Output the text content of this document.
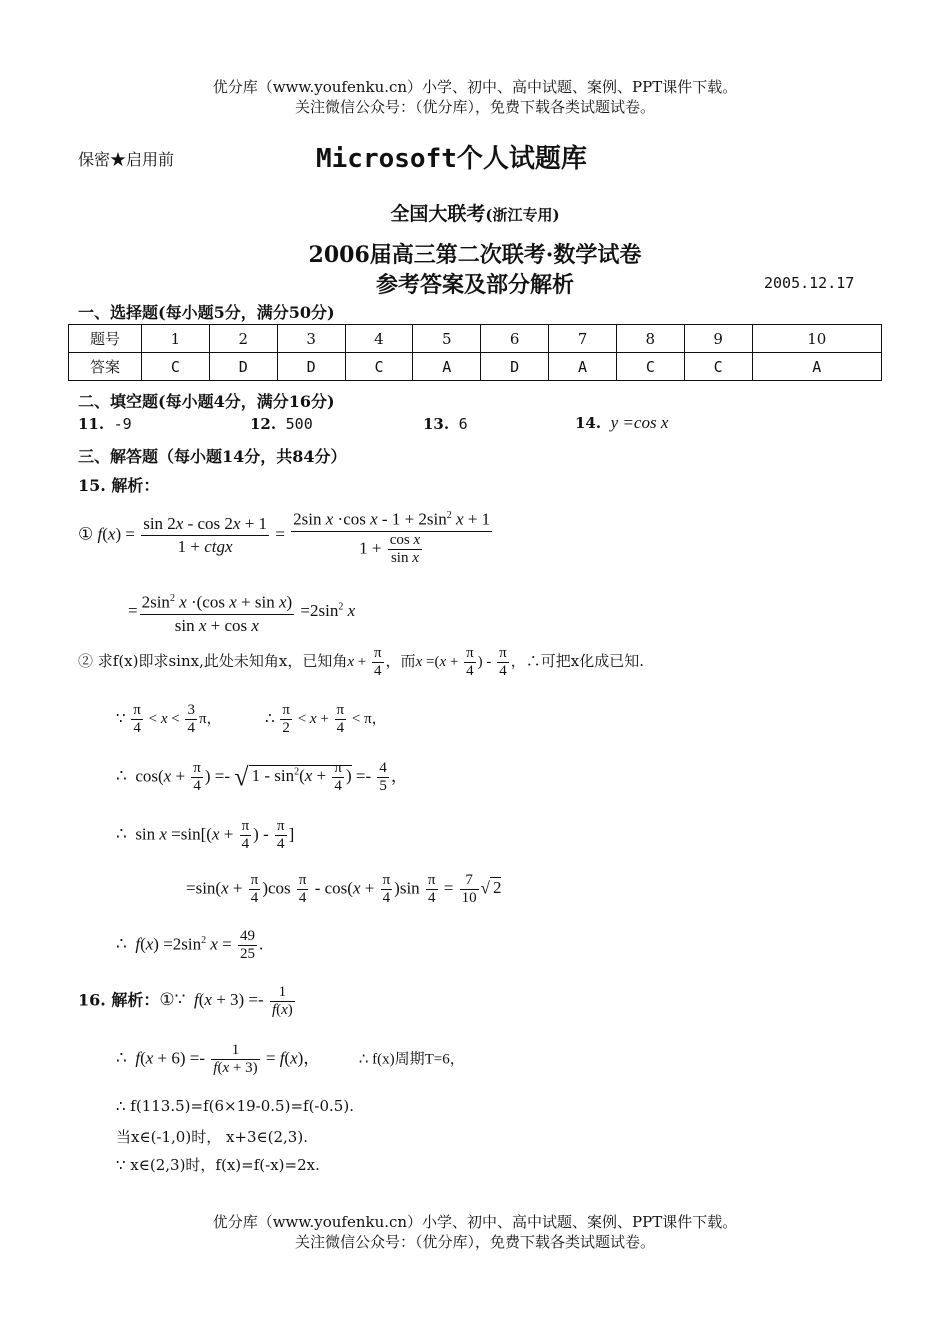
优分库（www.youfenku.cn）小学、初中、高中试题、案例、PPT课件下载。
关注微信公众号：（优分库），免费下载各类试题试卷。
保密★启用前	Microsoft个人试题库
全国大联考(浙江专用)
2006届高三第二次联考·数学试卷
参考答案及部分解析	2005.12.17
一、选择题(每小题5分，满分50分)
题号	1	2	3	4	5	6	7	8	9	10
答案	C	D	D	C	A	D	A	C	C	A
二、填空题(每小题4分，满分16分)
11. -9	12. 500	13. 6	14. y =cos x
三、解答题（每小题14分，共84分）
15. 解析：
① f(x) =
sin 2x - cos 2x + 1
1 + ctgx
= $\frac{2\sin x \cdot\cos x - 1 + 2\sin^2 x + 1}{1 + \frac{\text{cos x}}{\text{sin x}}}$
= $\frac{2\sin^2 x \cdot(\cos x + \sin x)}{\text{sin x + cos x}} =2\sin^2$ x
② 求f(x)即求sinx,此处未知角x，已知角$x + \frac{\pi}{4}$ ，而$x =(x + \frac{\pi}{4}$ ) - $\frac{\pi}{4}$ ，∴可把x化成已知.
∵ $\frac{\pi}{4} < x < \frac{3}{4}$ π，  ∴ $\frac{\pi}{2} < x + \frac{\pi}{4} < \pi$，
∴  $\cos(x + \frac{\pi}{4}$ ) =- √ $1 - \sin^2(x + \frac{\pi}{4}$ ) =- $\frac{4}{5}$ ，
∴  $\sin x =\sin[(x + \frac{\pi}{4}$ ) - $\frac{\pi}{4}$ ]
$=\sin(x + \frac{\pi}{4} )\cos \frac{\pi}{4} - \cos(x + \frac{\pi}{4} )\sin \frac{\pi}{4} = \frac{7}{10}$ √ 2
∴  $f(x) =2\sin^2$ $x = \frac{49}{25}$ .
16. 解析：①∵  $f(x + 3) =- \frac{1}{f(x)}$
∴  $f(x + 6) =- \frac{1}{f(x + 3)} = f(x)$，  ∴ f(x)周期T=6，
∴ f(113.5)=f(6×19-0.5)=f(-0.5).
当x∈(-1,0)时， x+3∈(2,3).
∵ x∈(2,3)时，f(x)=f(-x)=2x.
优分库（www.youfenku.cn）小学、初中、高中试题、案例、PPT课件下载。
关注微信公众号：（优分库），免费下载各类试题试卷。
